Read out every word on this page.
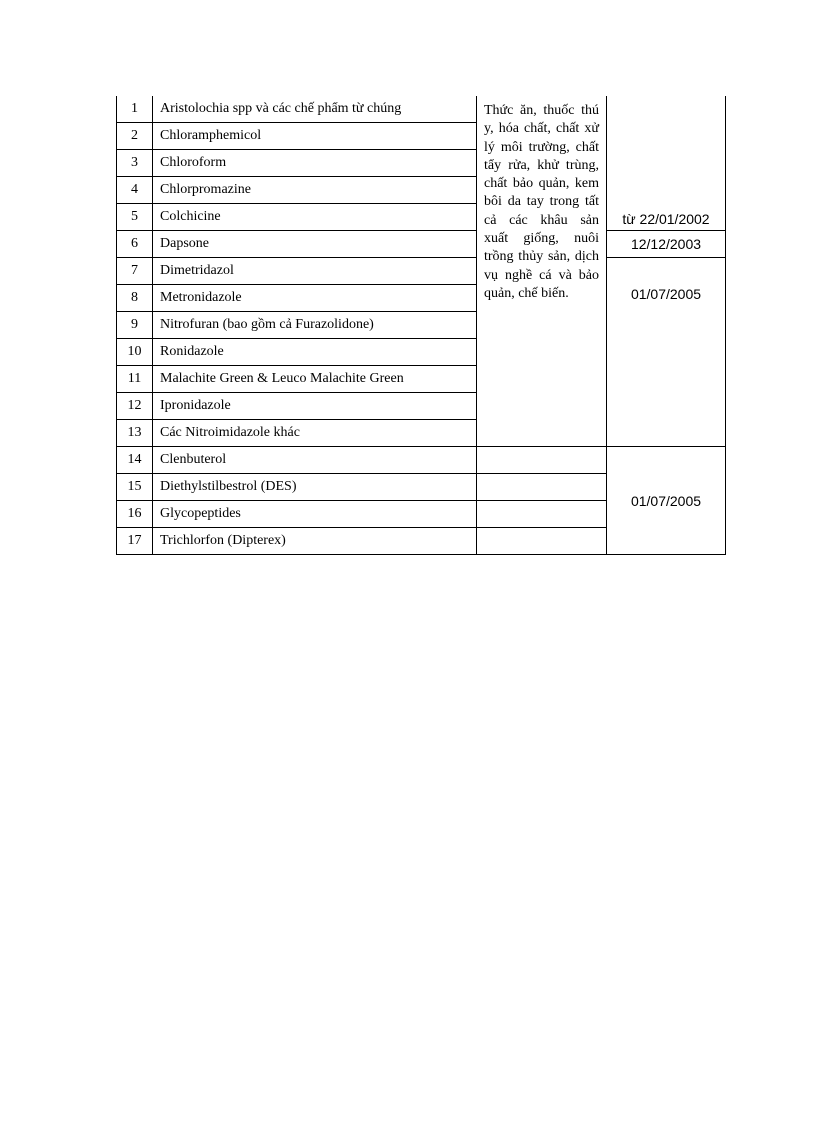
1	Aristolochia spp và các chế phẩm từ chúng	Thức ăn, thuốc thú y, hóa chất, chất xử lý môi trường, chất tẩy rửa, khử trùng, chất bảo quản, kem bôi da tay trong tất cả các khâu sản xuất giống, nuôi trồng thủy sản, dịch vụ nghề cá và bảo quản, chế biến.	từ 22/01/2002
2	Chloramphemicol		
3	Chloroform		
4	Chlorpromazine		
5	Colchicine		
6	Dapsone		12/12/2003
7	Dimetridazol		01/07/2005
8	Metronidazole		
9	Nitrofuran (bao gồm cả Furazolidone)		
10	Ronidazole		
11	Malachite Green & Leuco Malachite Green		
12	Ipronidazole		
13	Các Nitroimidazole khác		
14	Clenbuterol		01/07/2005
15	Diethylstilbestrol (DES)		
16	Glycopeptides		
17	Trichlorfon (Dipterex)		
